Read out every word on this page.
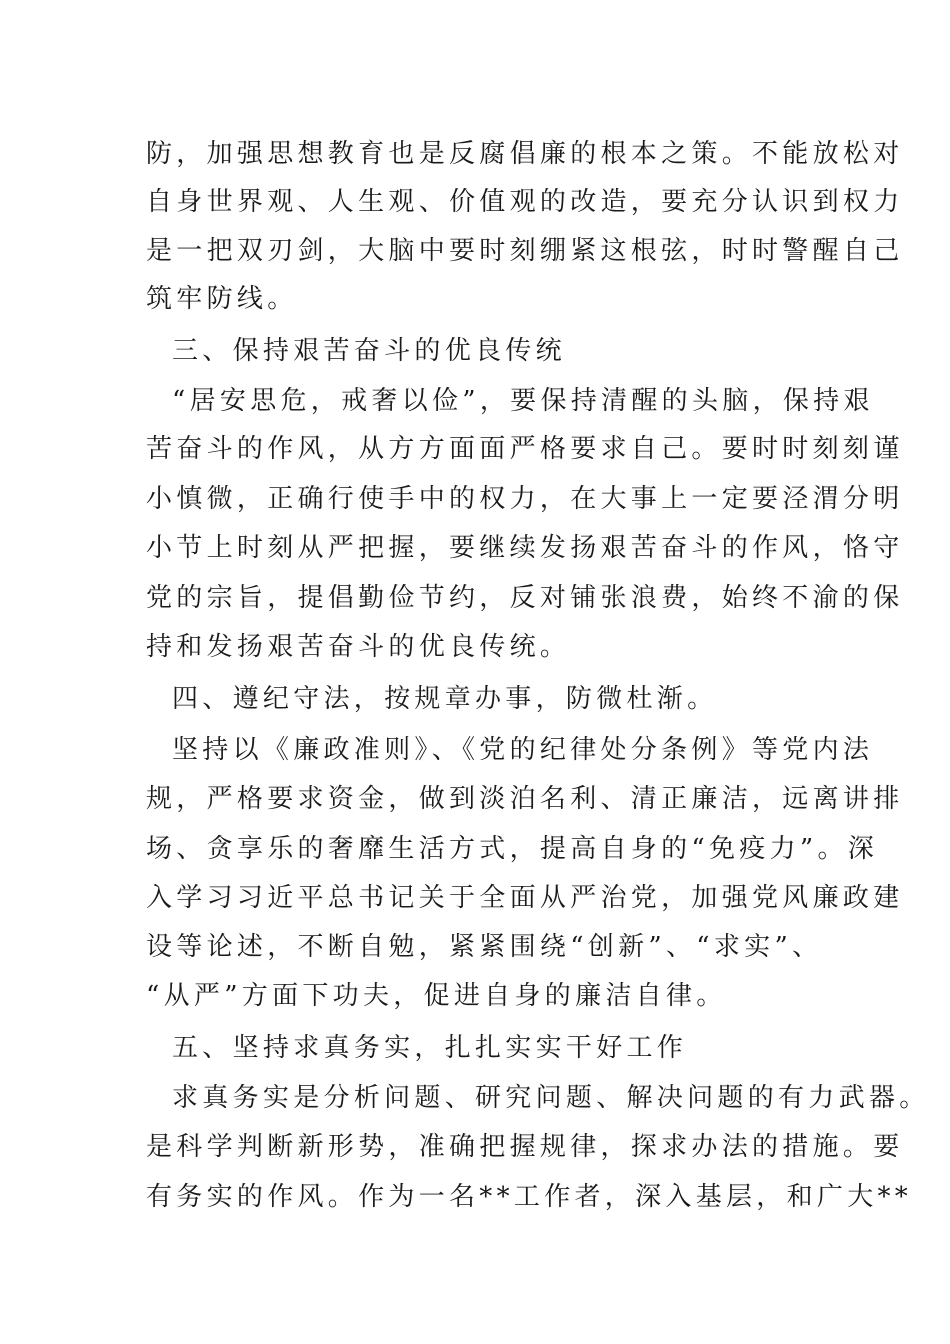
防，加强思想教育也是反腐倡廉的根本之策。不能放松对
自身世界观、人生观、价值观的改造，要充分认识到权力
是一把双刃剑，大脑中要时刻绷紧这根弦，时时警醒自己
筑牢防线。
三、保持艰苦奋斗的优良传统
“居安思危，戒奢以俭”，要保持清醒的头脑，保持艰
苦奋斗的作风，从方方面面严格要求自己。要时时刻刻谨
小慎微，正确行使手中的权力，在大事上一定要泾渭分明
小节上时刻从严把握，要继续发扬艰苦奋斗的作风，恪守
党的宗旨，提倡勤俭节约，反对铺张浪费，始终不渝的保
持和发扬艰苦奋斗的优良传统。
四、遵纪守法，按规章办事，防微杜渐。
坚持以《廉政准则》、《党的纪律处分条例》等党内法
规，严格要求资金，做到淡泊名利、清正廉洁，远离讲排
场、贪享乐的奢靡生活方式，提高自身的“免疫力”。深
入学习习近平总书记关于全面从严治党，加强党风廉政建
设等论述，不断自勉，紧紧围绕“创新”、“求实”、
“从严”方面下功夫，促进自身的廉洁自律。
五、坚持求真务实，扎扎实实干好工作
求真务实是分析问题、研究问题、解决问题的有力武器。
是科学判断新形势，准确把握规律，探求办法的措施。要
有务实的作风。作为一名**工作者，深入基层，和广大**
